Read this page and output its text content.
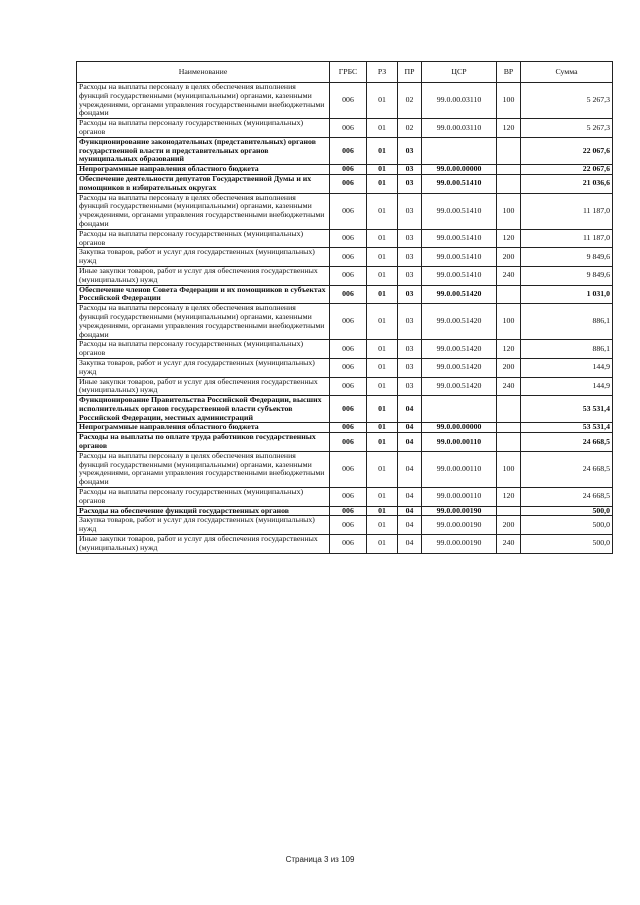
Наименование	ГРБС	РЗ	ПР	ЦСР	ВР	Сумма
Расходы на выплаты персоналу в целях обеспечения выполнения функций государственными (муниципальными) органами, казенными учреждениями, органами управления государственными внебюджетными фондами	006	01	02	99.0.00.03110	100	5 267,3
Расходы на выплаты персоналу государственных (муниципальных) органов	006	01	02	99.0.00.03110	120	5 267,3
Функционирование законодательных (представительных) органов государственной власти и представительных органов муниципальных образований	006	01	03			22 067,6
Непрограммные направления областного бюджета	006	01	03	99.0.00.00000		22 067,6
Обеспечение деятельности депутатов Государственной Думы и их помощников в избирательных округах	006	01	03	99.0.00.51410		21 036,6
Расходы на выплаты персоналу в целях обеспечения выполнения функций государственными (муниципальными) органами, казенными учреждениями, органами управления государственными внебюджетными фондами	006	01	03	99.0.00.51410	100	11 187,0
Расходы на выплаты персоналу государственных (муниципальных) органов	006	01	03	99.0.00.51410	120	11 187,0
Закупка товаров, работ и услуг для государственных (муниципальных) нужд	006	01	03	99.0.00.51410	200	9 849,6
Иные закупки товаров, работ и услуг для обеспечения государственных (муниципальных) нужд	006	01	03	99.0.00.51410	240	9 849,6
Обеспечение членов Совета Федерации и их помощников в субъектах Российской Федерации	006	01	03	99.0.00.51420		1 031,0
Расходы на выплаты персоналу в целях обеспечения выполнения функций государственными (муниципальными) органами, казенными учреждениями, органами управления государственными внебюджетными фондами	006	01	03	99.0.00.51420	100	886,1
Расходы на выплаты персоналу государственных (муниципальных) органов	006	01	03	99.0.00.51420	120	886,1
Закупка товаров, работ и услуг для государственных (муниципальных) нужд	006	01	03	99.0.00.51420	200	144,9
Иные закупки товаров, работ и услуг для обеспечения государственных (муниципальных) нужд	006	01	03	99.0.00.51420	240	144,9
Функционирование Правительства Российской Федерации, высших исполнительных органов государственной власти субъектов Российской Федерации, местных администраций	006	01	04			53 531,4
Непрограммные направления областного бюджета	006	01	04	99.0.00.00000		53 531,4
Расходы на выплаты по оплате труда работников государственных органов	006	01	04	99.0.00.00110		24 668,5
Расходы на выплаты персоналу в целях обеспечения выполнения функций государственными (муниципальными) органами, казенными учреждениями, органами управления государственными внебюджетными фондами	006	01	04	99.0.00.00110	100	24 668,5
Расходы на выплаты персоналу государственных (муниципальных) органов	006	01	04	99.0.00.00110	120	24 668,5
Расходы на обеспечение функций государственных органов	006	01	04	99.0.00.00190		500,0
Закупка товаров, работ и услуг для государственных (муниципальных) нужд	006	01	04	99.0.00.00190	200	500,0
Иные закупки товаров, работ и услуг для обеспечения государственных (муниципальных) нужд	006	01	04	99.0.00.00190	240	500,0
Страница 3 из 109
